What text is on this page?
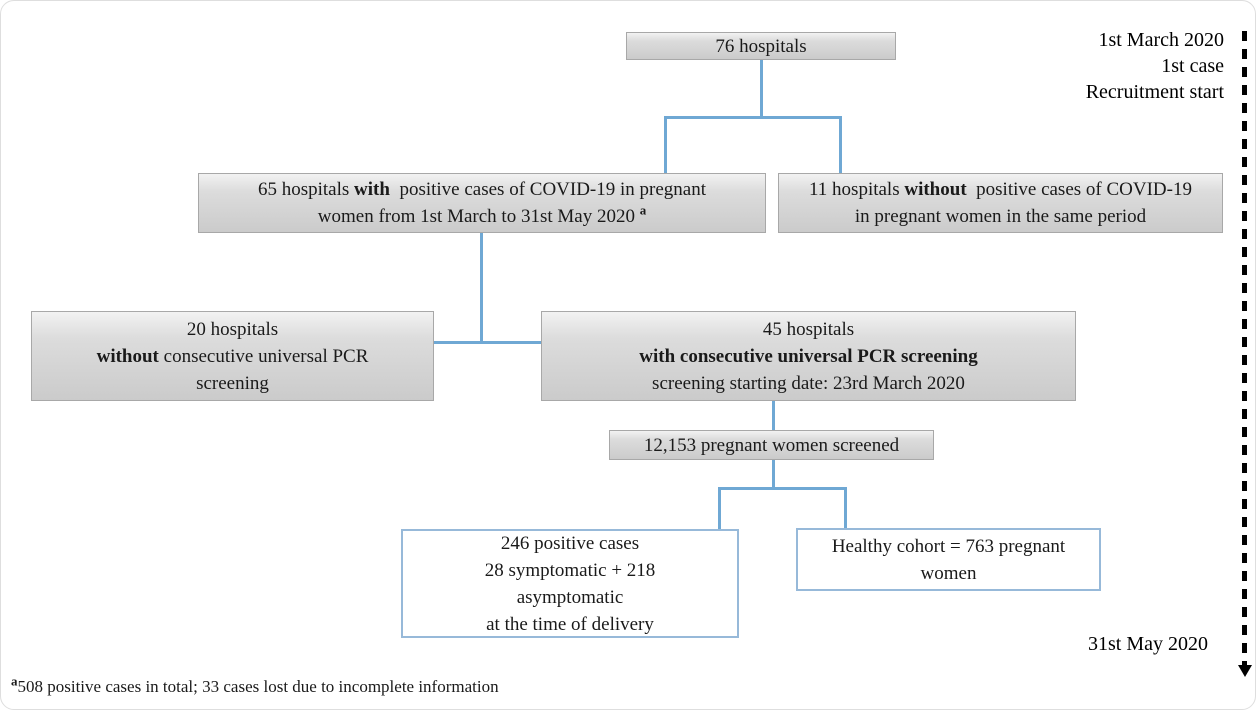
1st March 2020
1st case
Recruitment start
31st May 2020
76 hospitals
65 hospitals with  positive cases of COVID-19 in pregnant
women from 1st March to 31st May 2020 $^a$
11 hospitals without  positive cases of COVID-19
in pregnant women in the same period
20 hospitals
without consecutive universal PCR
screening
45 hospitals
with consecutive universal PCR screening
screening starting date: 23rd March 2020
12,153 pregnant women screened
246 positive cases
28 symptomatic + 218
asymptomatic
at the time of delivery
Healthy cohort = 763 pregnant
women
$^a$508 positive cases in total; 33 cases lost due to incomplete information
